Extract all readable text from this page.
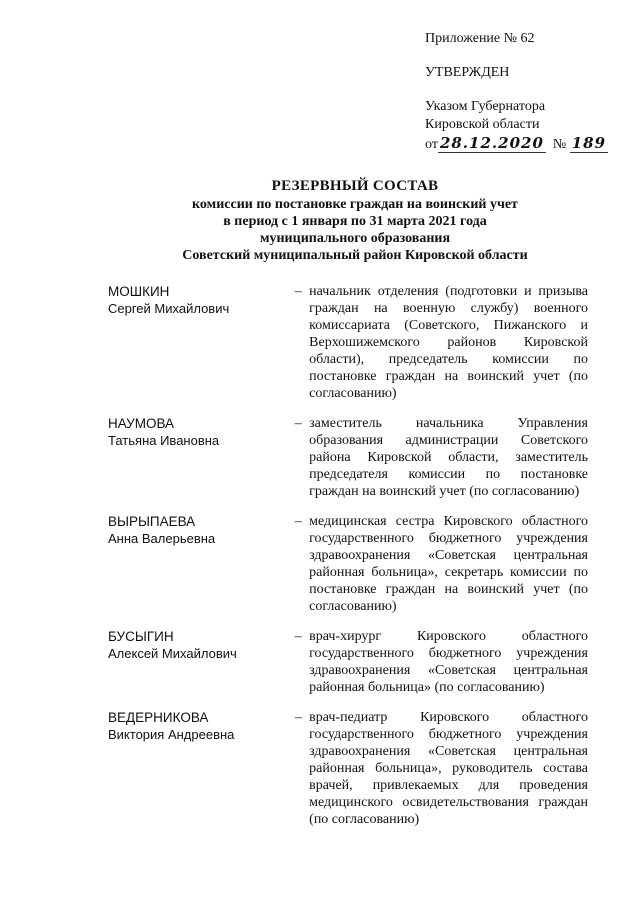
Приложение № 62
УТВЕРЖДЕН
Указом Губернатора
Кировской области
от 28.12.2020 № 189
РЕЗЕРВНЫЙ СОСТАВ
комиссии по постановке граждан на воинский учет
в период с 1 января по 31 марта 2021 года
муниципального образования
Советский муниципальный район Кировской области
МОШКИН
Сергей Михайлович
– начальник отделения (подготовки и призыва граждан на военную службу) военного комиссариата (Советского, Пижанского и Верхошижемского районов Кировской области), председатель комиссии по постановке граждан на воинский учет (по согласованию)
НАУМОВА
Татьяна Ивановна
– заместитель начальника Управления образования администрации Советского района Кировской области, заместитель председателя комиссии по постановке граждан на воинский учет (по согласованию)
ВЫРЫПАЕВА
Анна Валерьевна
– медицинская сестра Кировского областного государственного бюджетного учреждения здравоохранения «Советская центральная районная больница», секретарь комиссии по постановке граждан на воинский учет (по согласованию)
БУСЫГИН
Алексей Михайлович
– врач-хирург Кировского областного государственного бюджетного учреждения здравоохранения «Советская центральная районная больница» (по согласованию)
ВЕДЕРНИКОВА
Виктория Андреевна
– врач-педиатр Кировского областного государственного бюджетного учреждения здравоохранения «Советская центральная районная больница», руководитель состава врачей, привлекаемых для проведения медицинского освидетельствования граждан (по согласованию)
